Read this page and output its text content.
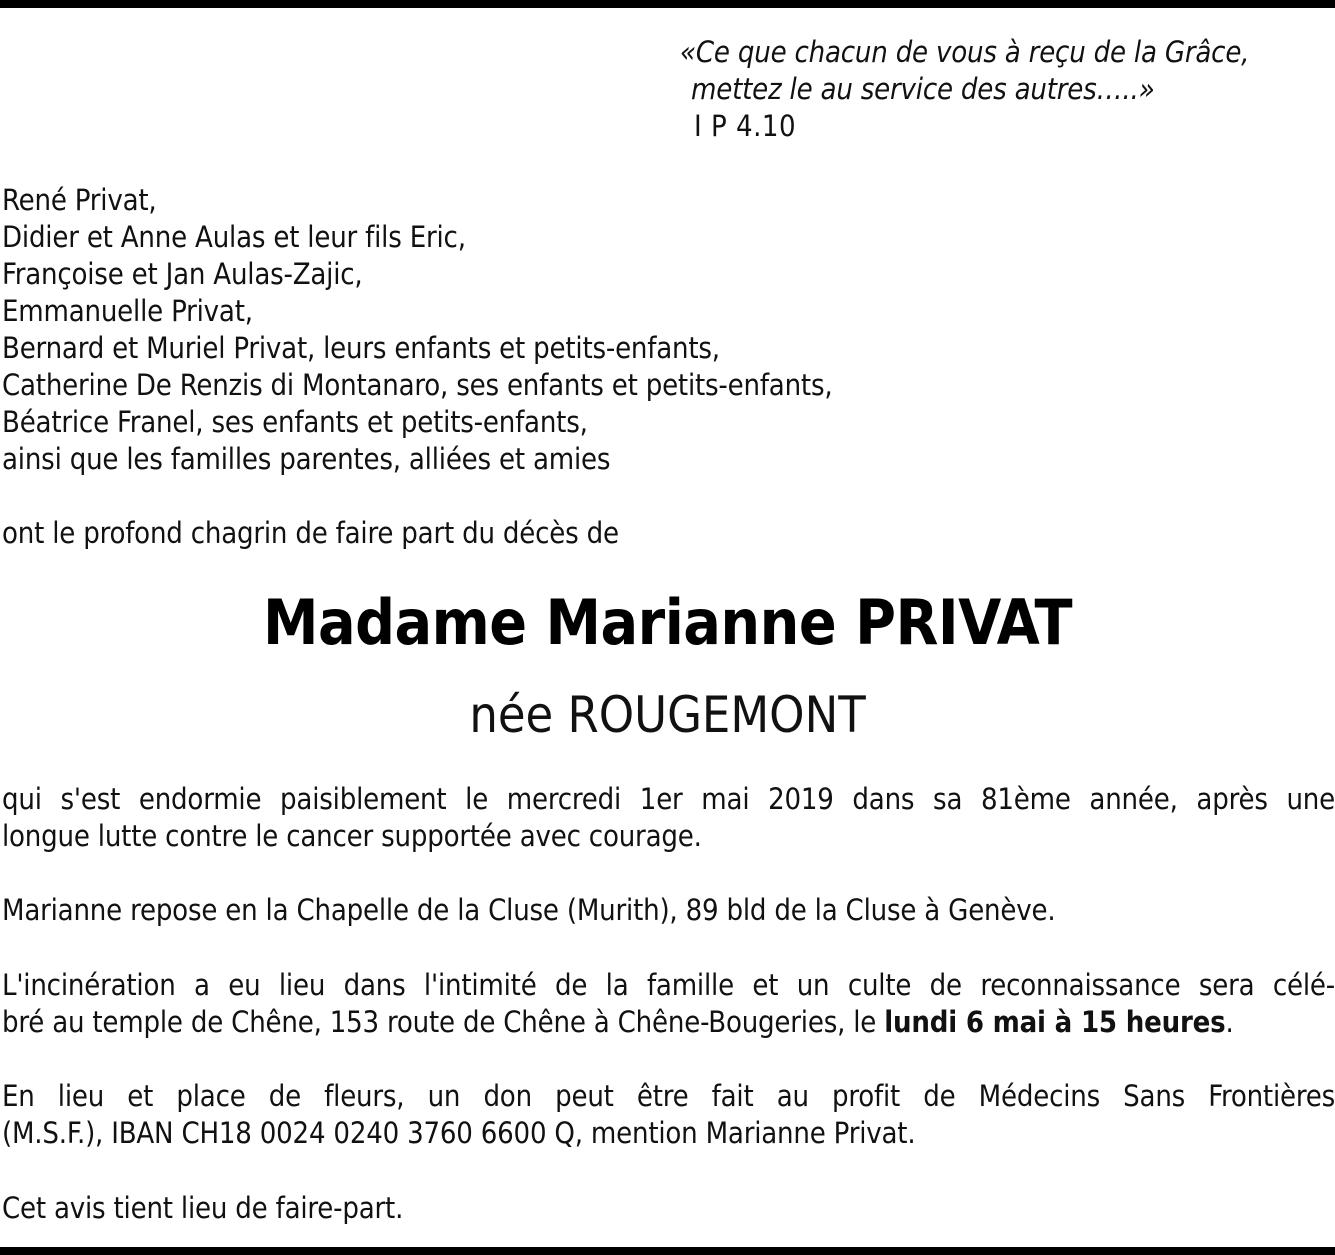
«Ce que chacun de vous à reçu de la Grâce,
mettez le au service des autres…..»
I P 4.10
René Privat,
Didier et Anne Aulas et leur fils Eric,
Françoise et Jan Aulas-Zajic,
Emmanuelle Privat,
Bernard et Muriel Privat, leurs enfants et petits-enfants,
Catherine De Renzis di Montanaro, ses enfants et petits-enfants,
Béatrice Franel, ses enfants et petits-enfants,
ainsi que les familles parentes, alliées et amies
ont le profond chagrin de faire part du décès de
Madame Marianne PRIVAT
née ROUGEMONT
qui s'est endormie paisiblement le mercredi 1er mai 2019 dans sa 81ème année, après une
longue lutte contre le cancer supportée avec courage.
Marianne repose en la Chapelle de la Cluse (Murith), 89 bld de la Cluse à Genève.
L'incinération a eu lieu dans l'intimité de la famille et un culte de reconnaissance sera célé-
bré au temple de Chêne, 153 route de Chêne à Chêne-Bougeries, le lundi 6 mai à 15 heures.
En lieu et place de fleurs, un don peut être fait au profit de Médecins Sans Frontières
(M.S.F.), IBAN CH18 0024 0240 3760 6600 Q, mention Marianne Privat.
Cet avis tient lieu de faire-part.
